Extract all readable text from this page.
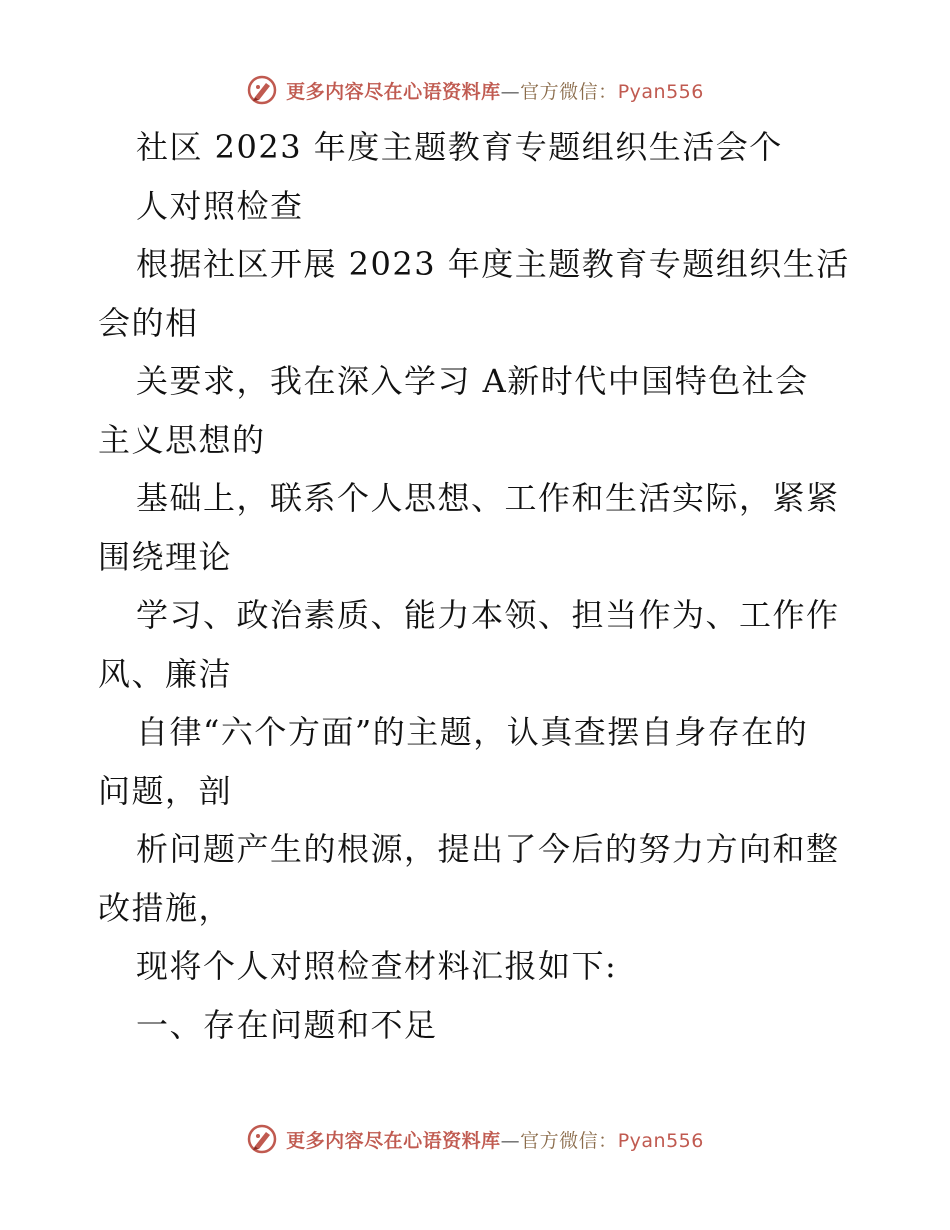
更多内容尽在心语资料库—官方微信：Pyan556
社区 2023 年度主题教育专题组织生活会个
人对照检查
根据社区开展 2023 年度主题教育专题组织生活
会的相
关要求，我在深入学习 A新时代中国特色社会
主义思想的
基础上，联系个人思想、工作和生活实际，紧紧
围绕理论
学习、政治素质、能力本领、担当作为、工作作
风、廉洁
自律“六个方面”的主题，认真查摆自身存在的
问题，剖
析问题产生的根源，提出了今后的努力方向和整
改措施，
现将个人对照检查材料汇报如下:
一、存在问题和不足
更多内容尽在心语资料库—官方微信：Pyan556
